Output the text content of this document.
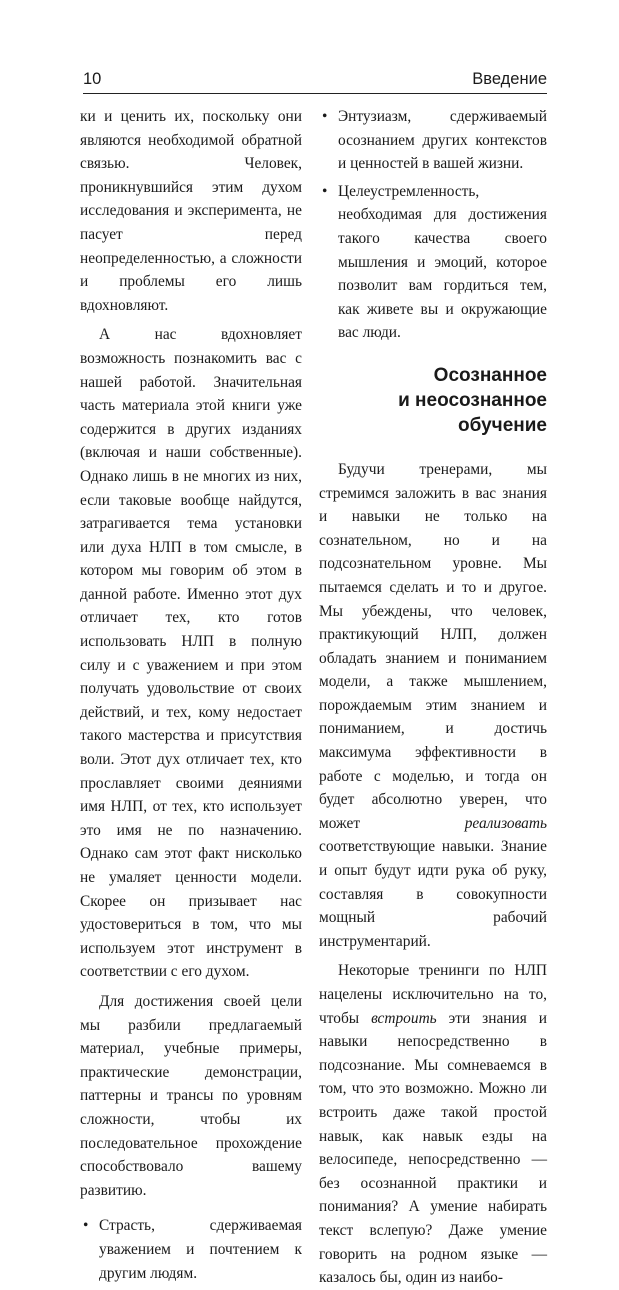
10	Введение

ки и ценить их, поскольку они являются необходимой обратной связью. Человек, проникнувшийся этим духом исследования и эксперимента, не пасует перед неопределенностью, а сложности и проблемы его лишь вдохновляют.

А нас вдохновляет возможность познакомить вас с нашей работой. Значительная часть материала этой книги уже содержится в других изданиях (включая и наши собственные). Однако лишь в не многих из них, если таковые вообще найдутся, затрагивается тема установки или духа НЛП в том смысле, в котором мы говорим об этом в данной работе. Именно этот дух отличает тех, кто готов использовать НЛП в полную силу и с уважением и при этом получать удовольствие от своих действий, и тех, кому недостает такого мастерства и присутствия воли. Этот дух отличает тех, кто прославляет своими деяниями имя НЛП, от тех, кто использует это имя не по назначению. Однако сам этот факт нисколько не умаляет ценности модели. Скорее он призывает нас удостовериться в том, что мы используем этот инструмент в соответствии с его духом.

Для достижения своей цели мы разбили предлагаемый материал, учебные примеры, практические демонстрации, паттерны и трансы по уровням сложности, чтобы их последовательное прохождение способствовало вашему развитию.

• Страсть, сдерживаемая уважением и почтением к другим людям.
• Энтузиазм, сдерживаемый осознанием других контекстов и ценностей в вашей жизни.
• Целеустремленность, необходимая для достижения такого качества своего мышления и эмоций, которое позволит вам гордиться тем, как живете вы и окружающие вас люди.
Осознанное
и неосознанное
обучение

Будучи тренерами, мы стремимся заложить в вас знания и навыки не только на сознательном, но и на подсознательном уровне. Мы пытаемся сделать и то и другое. Мы убеждены, что человек, практикующий НЛП, должен обладать знанием и пониманием модели, а также мышлением, порождаемым этим знанием и пониманием, и достичь максимума эффективности в работе с моделью, и тогда он будет абсолютно уверен, что может реализовать соответствующие навыки. Знание и опыт будут идти рука об руку, составляя в совокупности мощный рабочий инструментарий.

Некоторые тренинги по НЛП нацелены исключительно на то, чтобы встроить эти знания и навыки непосредственно в подсознание. Мы сомневаемся в том, что это возможно. Можно ли встроить даже такой простой навык, как навык езды на велосипеде, непосредственно — без осознанной практики и понимания? А умение набирать текст вслепую? Даже умение говорить на родном языке — казалось бы, один из наибо-
